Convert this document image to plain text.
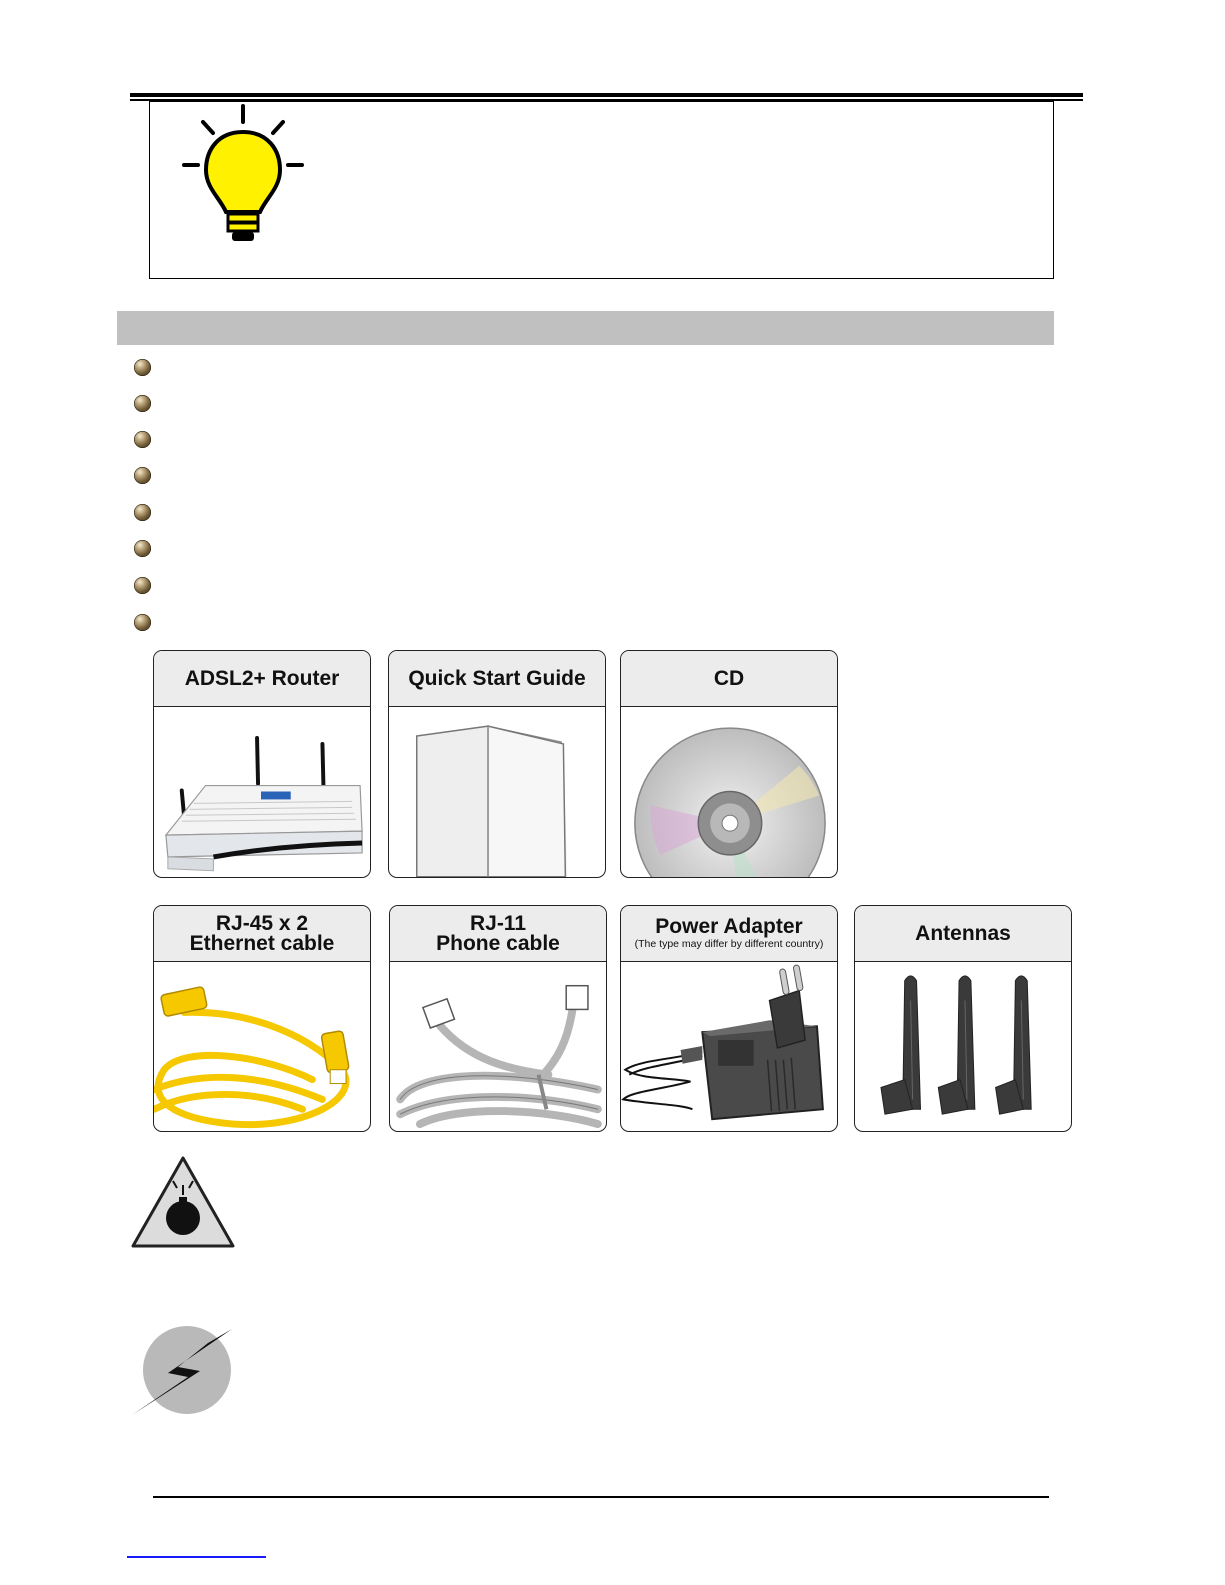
ADSL2+ Router	Quick Start Guide	CD
RJ-45 x 2
Ethernet cable
RJ-11
Phone cable
Power Adapter
(The type may differ by different country)	Antennas
